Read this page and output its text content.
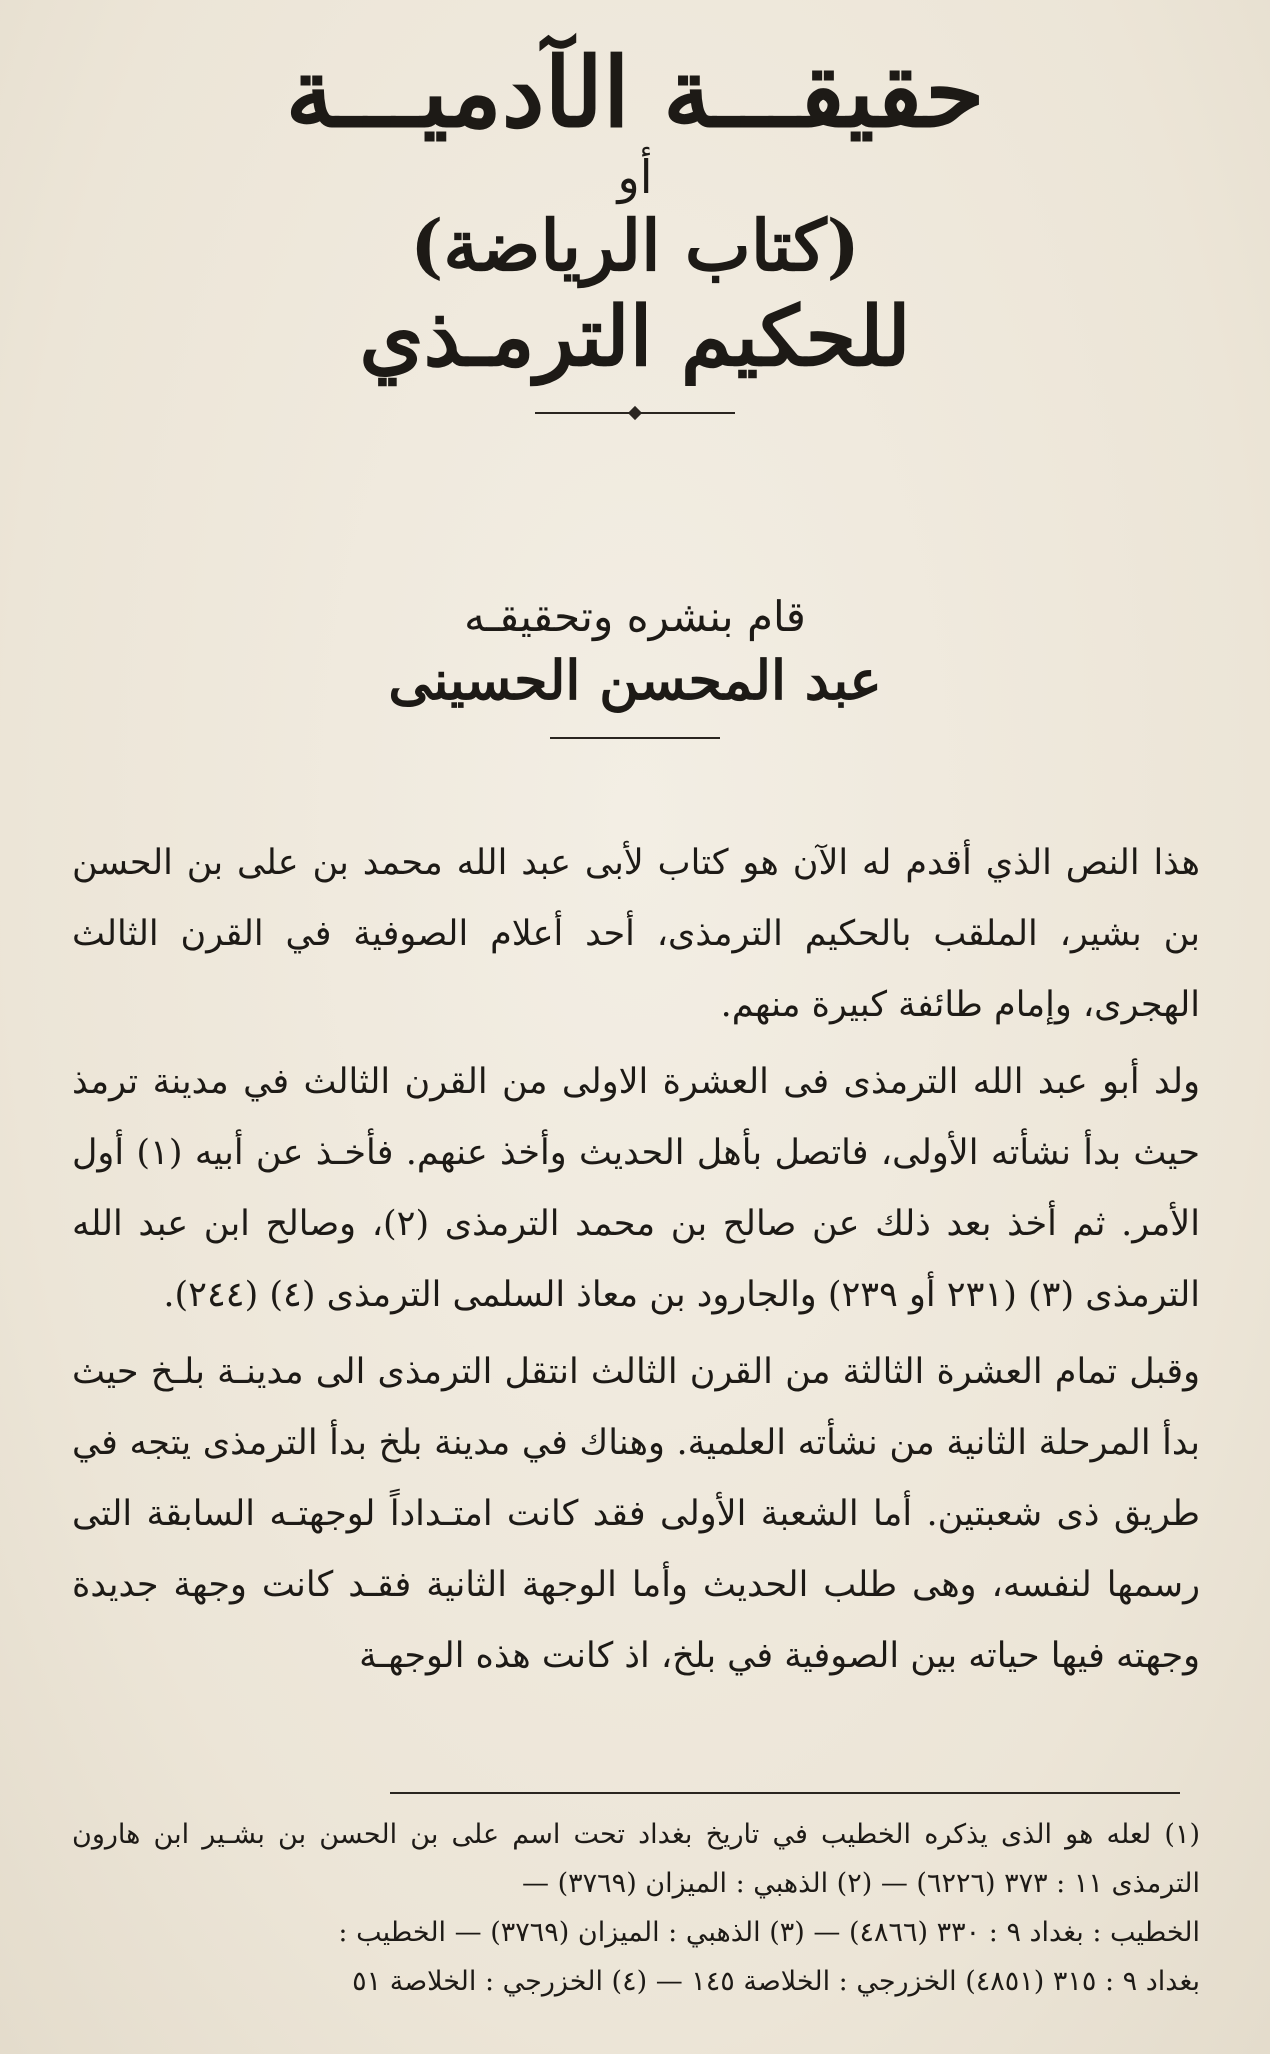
حقيقـــة الآدميـــة
أو
(كتاب الرياضة)
للحكيم الترمـذي
قام بنشره وتحقيقـه
عبد المحسن الحسينى

هذا النص الذي أقدم له الآن هو كتاب لأبى عبد الله محمد بن على بن الحسن بن بشير، الملقب بالحكيم الترمذى، أحد أعلام الصوفية في القرن الثالث الهجرى، وإمام طائفة كبيرة منهم.

ولد أبو عبد الله الترمذى فى العشرة الاولى من القرن الثالث في مدينة ترمذ حيث بدأ نشأته الأولى، فاتصل بأهل الحديث وأخذ عنهم. فأخـذ عن أبيه (١) أول الأمر. ثم أخذ بعد ذلك عن صالح بن محمد الترمذى (٢)، وصالح ابن عبد الله الترمذى (٣) (٢٣١ أو ٢٣٩) والجارود بن معاذ السلمى الترمذى (٤) (٢٤٤).

وقبل تمام العشرة الثالثة من القرن الثالث انتقل الترمذى الى مدينـة بلـخ حيث بدأ المرحلة الثانية من نشأته العلمية. وهناك في مدينة بلخ بدأ الترمذى يتجه في طريق ذى شعبتين. أما الشعبة الأولى فقد كانت امتـداداً لوجهتـه السابقة التى رسمها لنفسه، وهى طلب الحديث وأما الوجهة الثانية فقـد كانت وجهة جديدة وجهته فيها حياته بين الصوفية في بلخ، اذ كانت هذه الوجهـة

(١) لعله هو الذى يذكره الخطيب في تاريخ بغداد تحت اسم على بن الحسن بن بشـير ابن هارون الترمذى ١١ : ٣٧٣ (٦٢٢٦) — (٢) الذهبي : الميزان (٣٧٦٩) —

الخطيب : بغداد ٩ : ٣٣٠ (٤٨٦٦) — (٣) الذهبي : الميزان (٣٧٦٩) — الخطيب :

بغداد ٩ : ٣١٥ (٤٨٥١) الخزرجي : الخلاصة ١٤٥ — (٤) الخزرجي : الخلاصة ٥١
